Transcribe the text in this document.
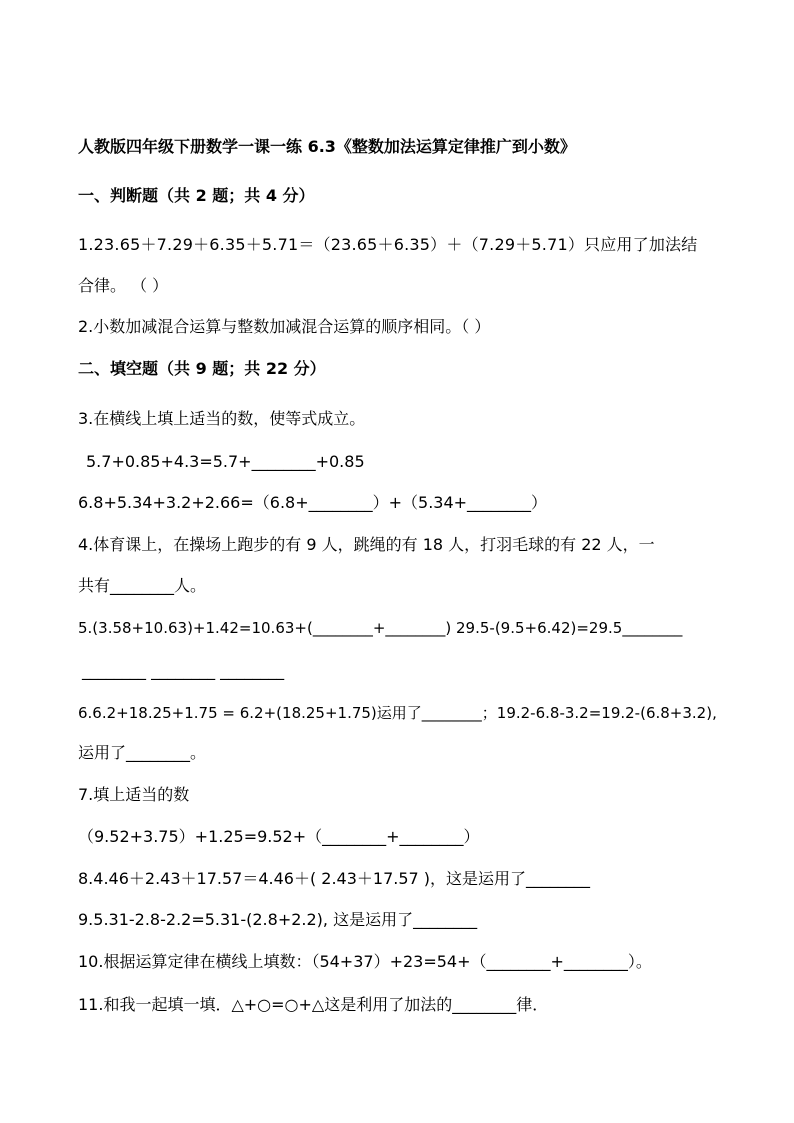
人教版四年级下册数学一课一练 6.3《整数加法运算定律推广到小数》
一、判断题（共 2 题；共 4 分）
1.23.65＋7.29＋6.35＋5.71＝（23.65＋6.35）＋（7.29＋5.71）只应用了加法结
合律。 （ ）
2.小数加减混合运算与整数加减混合运算的顺序相同。（ ）
二、填空题（共 9 题；共 22 分）
3.在横线上填上适当的数，使等式成立。
5.7+0.85+4.3=5.7+________+0.85
6.8+5.34+3.2+2.66=（6.8+________）+（5.34+________）
4.体育课上，在操场上跑步的有 9 人，跳绳的有 18 人，打羽毛球的有 22 人，一
共有________人。
5.(3.58+10.63)+1.42=10.63+(________+________) 29.5-(9.5+6.42)=29.5________
________ ________ ________
6.6.2+18.25+1.75 = 6.2+(18.25+1.75)运用了________；19.2-6.8-3.2=19.2-(6.8+3.2),
运用了________。
7.填上适当的数
（9.52+3.75）+1.25=9.52+（________+________）
8.4.46＋2.43＋17.57＝4.46＋( 2.43＋17.57 )，这是运用了________
9.5.31-2.8-2.2=5.31-(2.8+2.2), 这是运用了________
10.根据运算定律在横线上填数：（54+37）+23=54+（________+________）。
11.和我一起填一填．△+○=○+△这是利用了加法的________律．
